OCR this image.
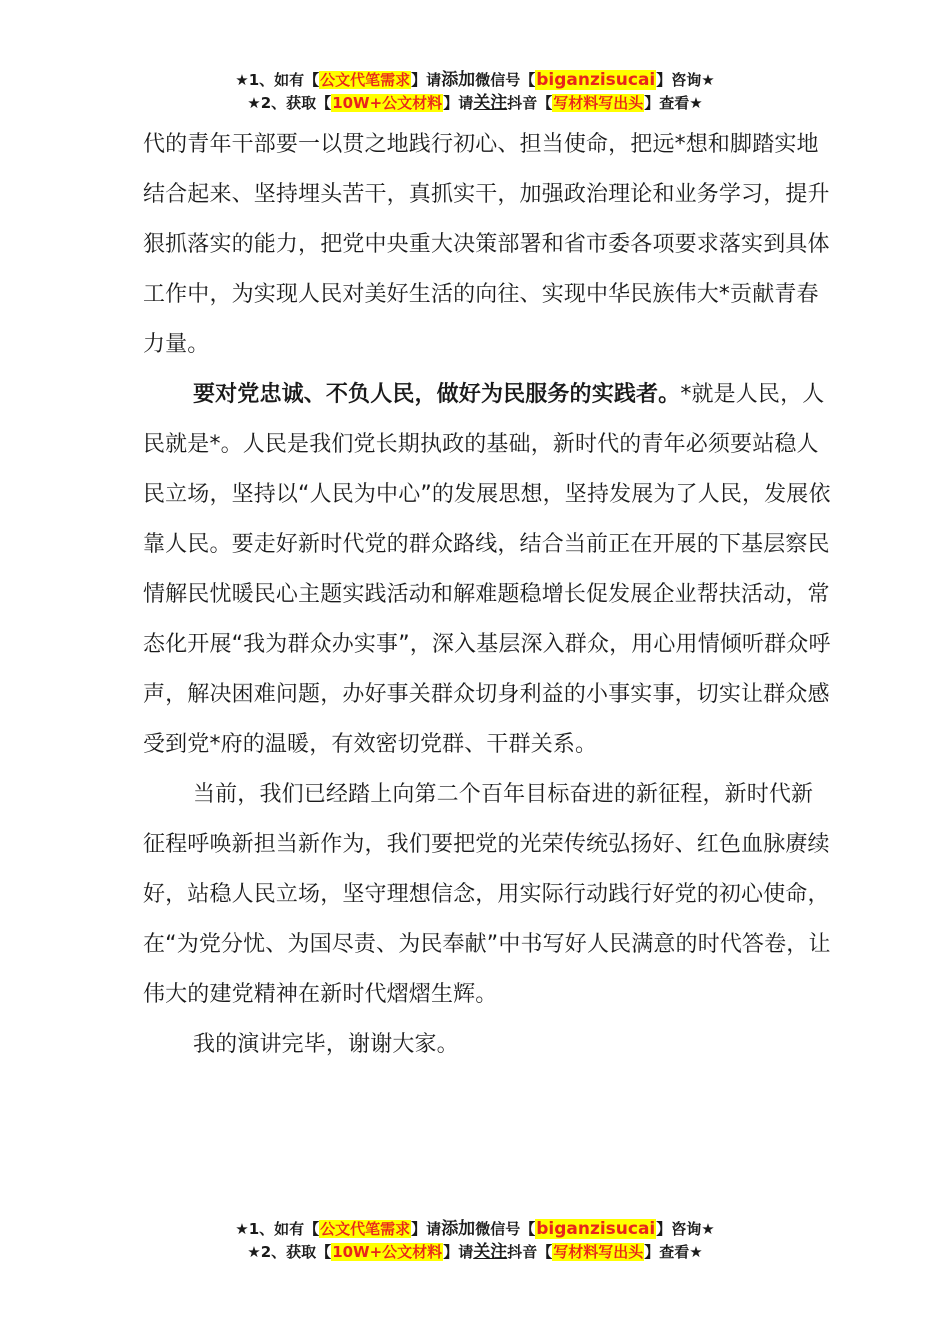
★1、如有【公文代笔需求】请添加微信号【biganzisucai】咨询★
★2、获取【10W+公文材料】请关注抖音【写材料写出头】查看★

代的青年干部要一以贯之地践行初心、担当使命，把远*想和脚踏实地结合起来、坚持埋头苦干，真抓实干，加强政治理论和业务学习，提升狠抓落实的能力，把党中央重大决策部署和省市委各项要求落实到具体工作中，为实现人民对美好生活的向往、实现中华民族伟大*贡献青春力量。

要对党忠诚、不负人民，做好为民服务的实践者。*就是人民，人民就是*。人民是我们党长期执政的基础，新时代的青年必须要站稳人民立场，坚持以“人民为中心”的发展思想，坚持发展为了人民，发展依靠人民。要走好新时代党的群众路线，结合当前正在开展的下基层察民情解民忧暖民心主题实践活动和解难题稳增长促发展企业帮扶活动，常态化开展“我为群众办实事”，深入基层深入群众，用心用情倾听群众呼声，解决困难问题，办好事关群众切身利益的小事实事，切实让群众感受到党*府的温暖，有效密切党群、干群关系。

当前，我们已经踏上向第二个百年目标奋进的新征程，新时代新征程呼唤新担当新作为，我们要把党的光荣传统弘扬好、红色血脉赓续好，站稳人民立场，坚守理想信念，用实际行动践行好党的初心使命，在“为党分忧、为国尽责、为民奉献”中书写好人民满意的时代答卷，让伟大的建党精神在新时代熠熠生辉。

我的演讲完毕，谢谢大家。

★1、如有【公文代笔需求】请添加微信号【biganzisucai】咨询★
★2、获取【10W+公文材料】请关注抖音【写材料写出头】查看★
